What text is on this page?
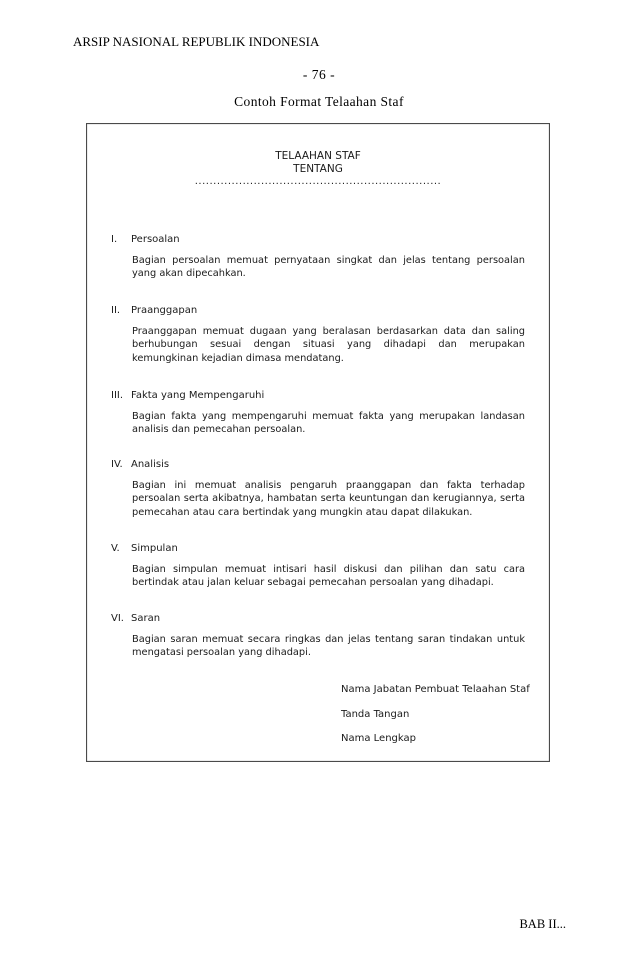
ARSIP NASIONAL REPUBLIK INDONESIA
- 76 -
Contoh Format Telaahan Staf
TELAAHAN STAF
TENTANG
...................................................................
I. Persoalan
Bagian persoalan memuat pernyataan singkat dan jelas tentang persoalan yang akan dipecahkan.
II. Praanggapan
Praanggapan memuat dugaan yang beralasan berdasarkan data dan saling berhubungan sesuai dengan situasi yang dihadapi dan merupakan kemungkinan kejadian dimasa mendatang.
III. Fakta yang Mempengaruhi
Bagian fakta yang mempengaruhi memuat fakta yang merupakan landasan analisis dan pemecahan persoalan.
IV. Analisis
Bagian ini memuat analisis pengaruh praanggapan dan fakta terhadap persoalan serta akibatnya, hambatan serta keuntungan dan kerugiannya, serta pemecahan atau cara bertindak yang mungkin atau dapat dilakukan.
V. Simpulan
Bagian simpulan memuat intisari hasil diskusi dan pilihan dan satu cara bertindak atau jalan keluar sebagai pemecahan persoalan yang dihadapi.
VI. Saran
Bagian saran memuat secara ringkas dan jelas tentang saran tindakan untuk mengatasi persoalan yang dihadapi.
Nama Jabatan Pembuat Telaahan Staf
Tanda Tangan
Nama Lengkap
BAB II...
